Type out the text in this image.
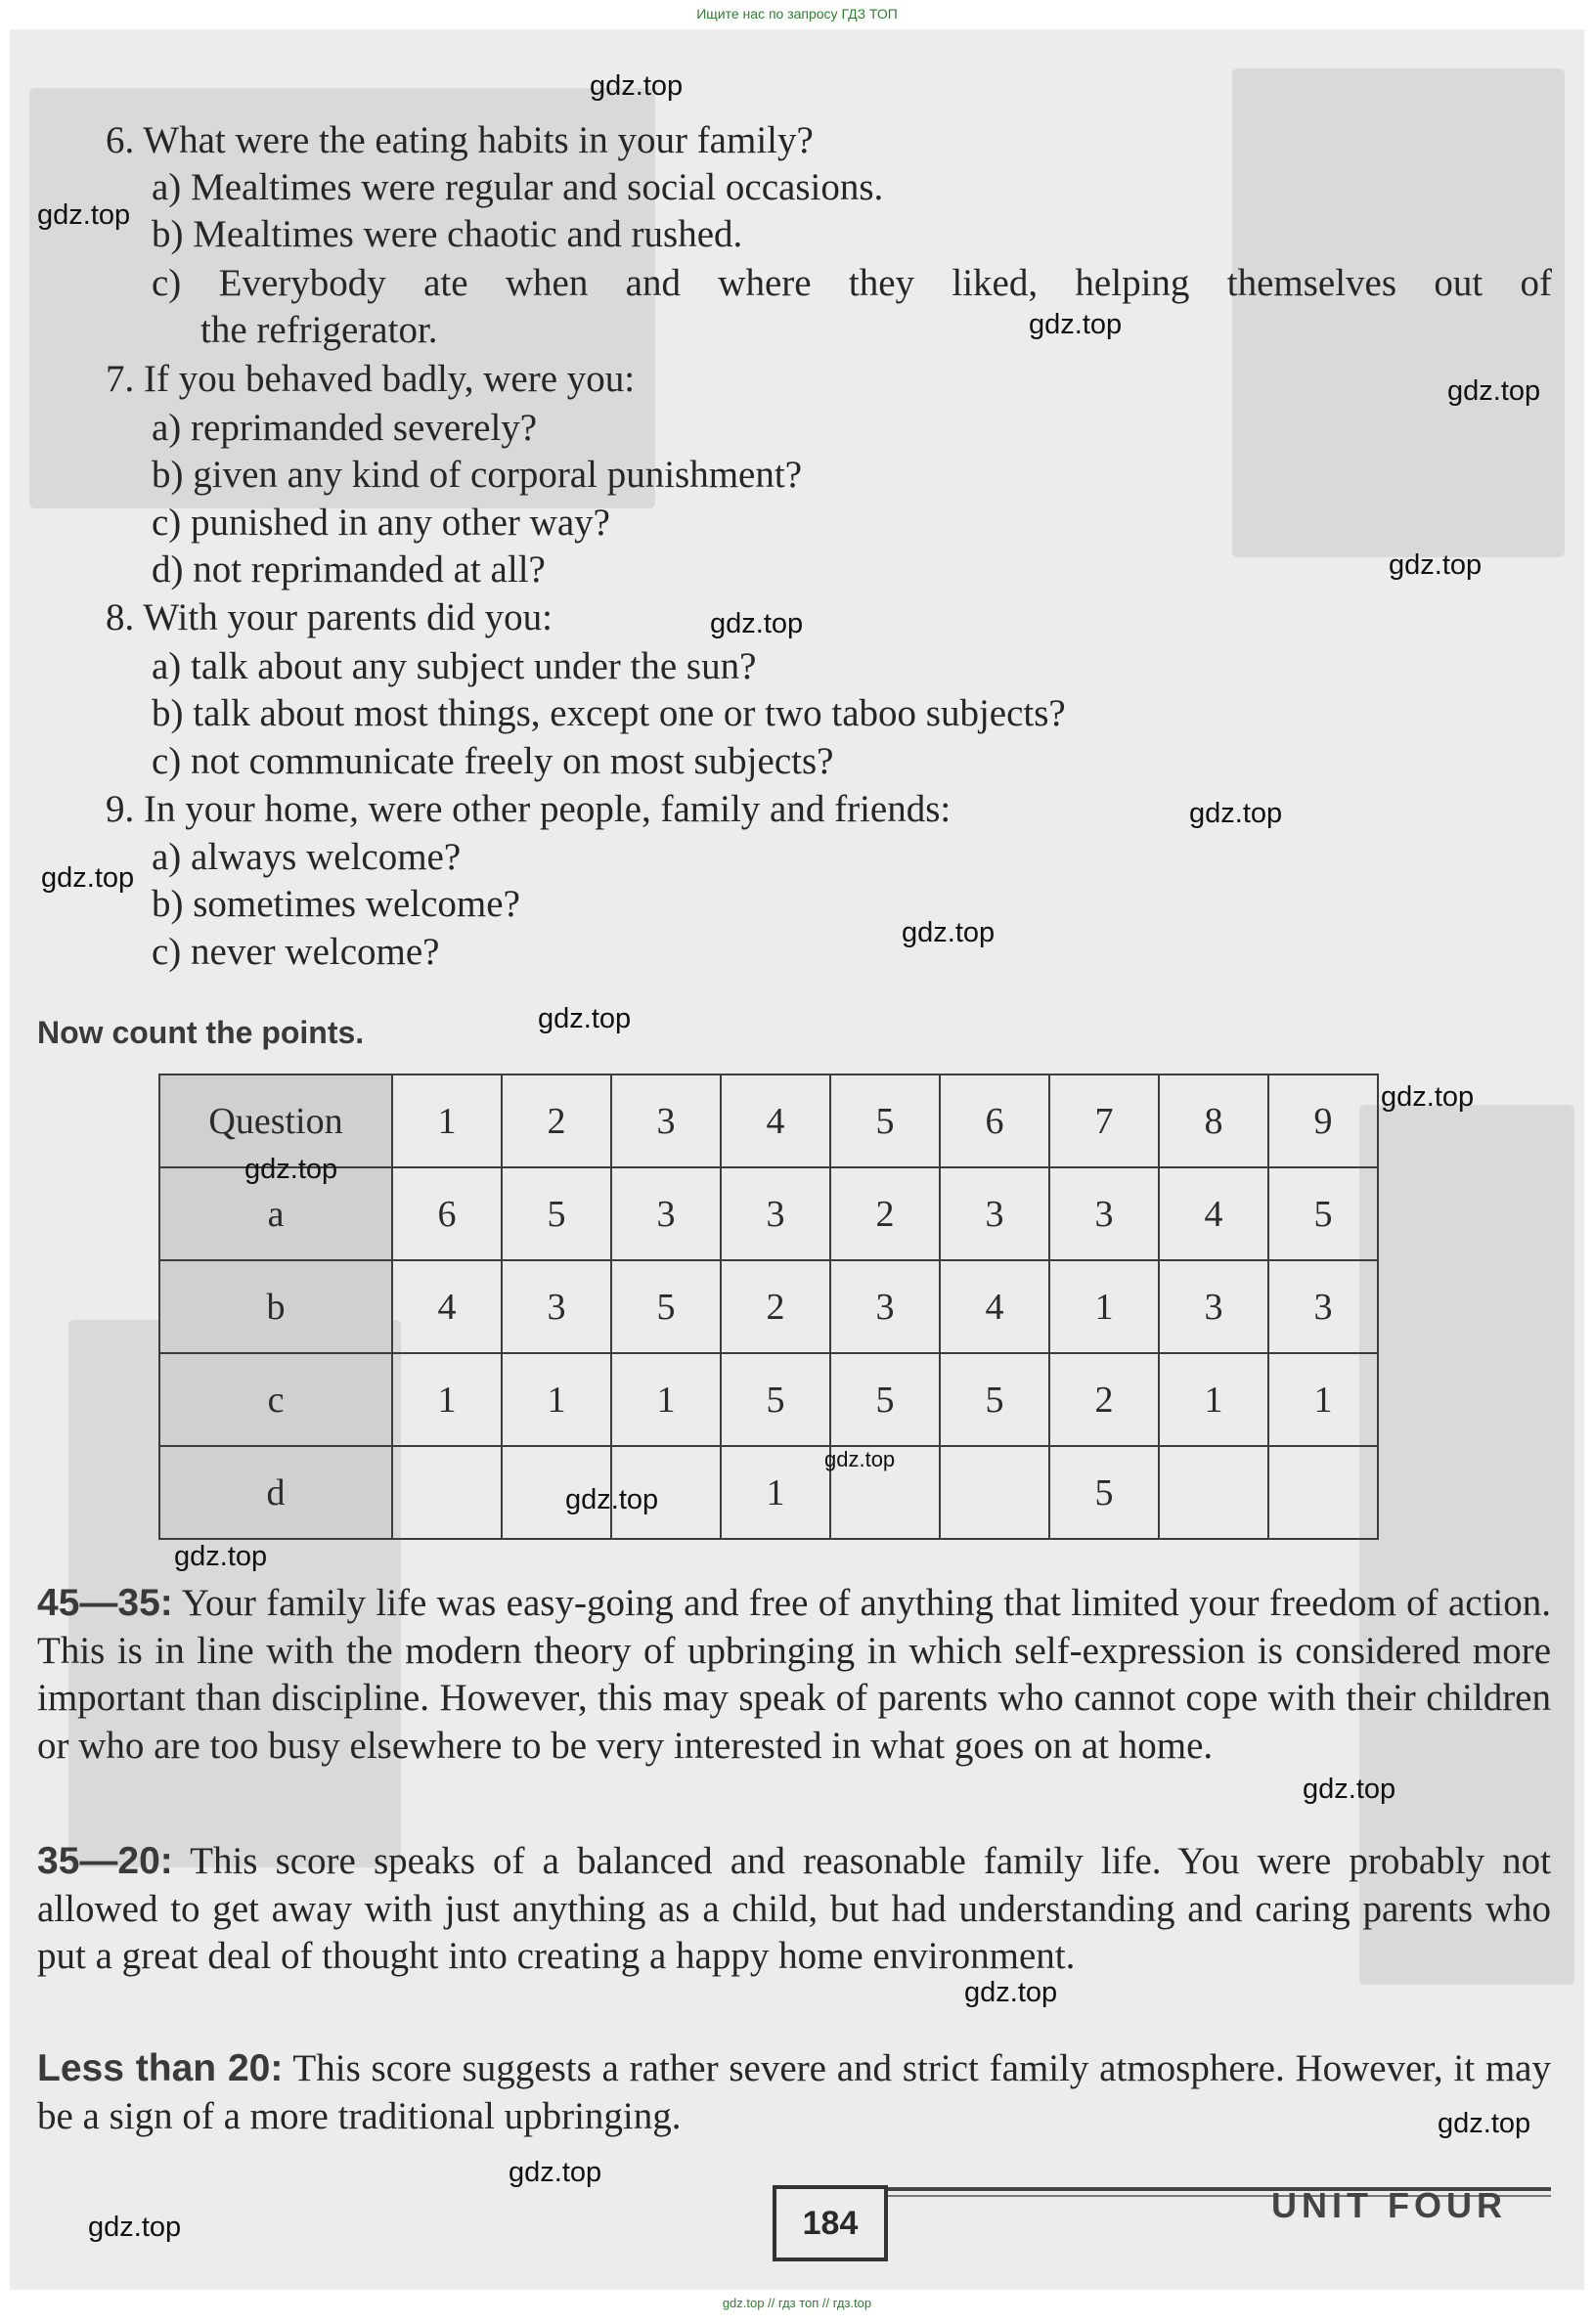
Ищите нас по запросу ГДЗ ТОП
6. What were the eating habits in your family?
a) Mealtimes were regular and social occasions.
b) Mealtimes were chaotic and rushed.
c) Everybody ate when and where they liked, helping themselves out of
the refrigerator.
7. If you behaved badly, were you:
a) reprimanded severely?
b) given any kind of corporal punishment?
c) punished in any other way?
d) not reprimanded at all?
8. With your parents did you:
a) talk about any subject under the sun?
b) talk about most things, except one or two taboo subjects?
c) not communicate freely on most subjects?
9. In your home, were other people, family and friends:
a) always welcome?
b) sometimes welcome?
c) never welcome?
Now count the points.
Question	1	2	3	4	5	6	7	8	9
a	6	5	3	3	2	3	3	4	5
b	4	3	5	2	3	4	1	3	3
c	1	1	1	5	5	5	2	1	1
d				1			5		
45—35: Your family life was easy-going and free of anything that limited your freedom of action. This is in line with the modern theory of upbringing in which self-expression is considered more important than discipline. However, this may speak of parents who cannot cope with their children or who are too busy elsewhere to be very interested in what goes on at home.
35—20: This score speaks of a balanced and reasonable family life. You were probably not allowed to get away with just anything as a child, but had understanding and caring parents who put a great deal of thought into creating a happy home environment.
Less than 20: This score suggests a rather severe and strict family atmosphere. However, it may be a sign of a more traditional upbringing.
184	UNIT FOUR
gdz.top
gdz.top
gdz.top
gdz.top
gdz.top
gdz.top
gdz.top
gdz.top
gdz.top
gdz.top
gdz.top
gdz.top
gdz.top
gdz.top
gdz.top
gdz.top
gdz.top
gdz.top
gdz.top
gdz.top
gdz.top // гдз топ // гдз.top
